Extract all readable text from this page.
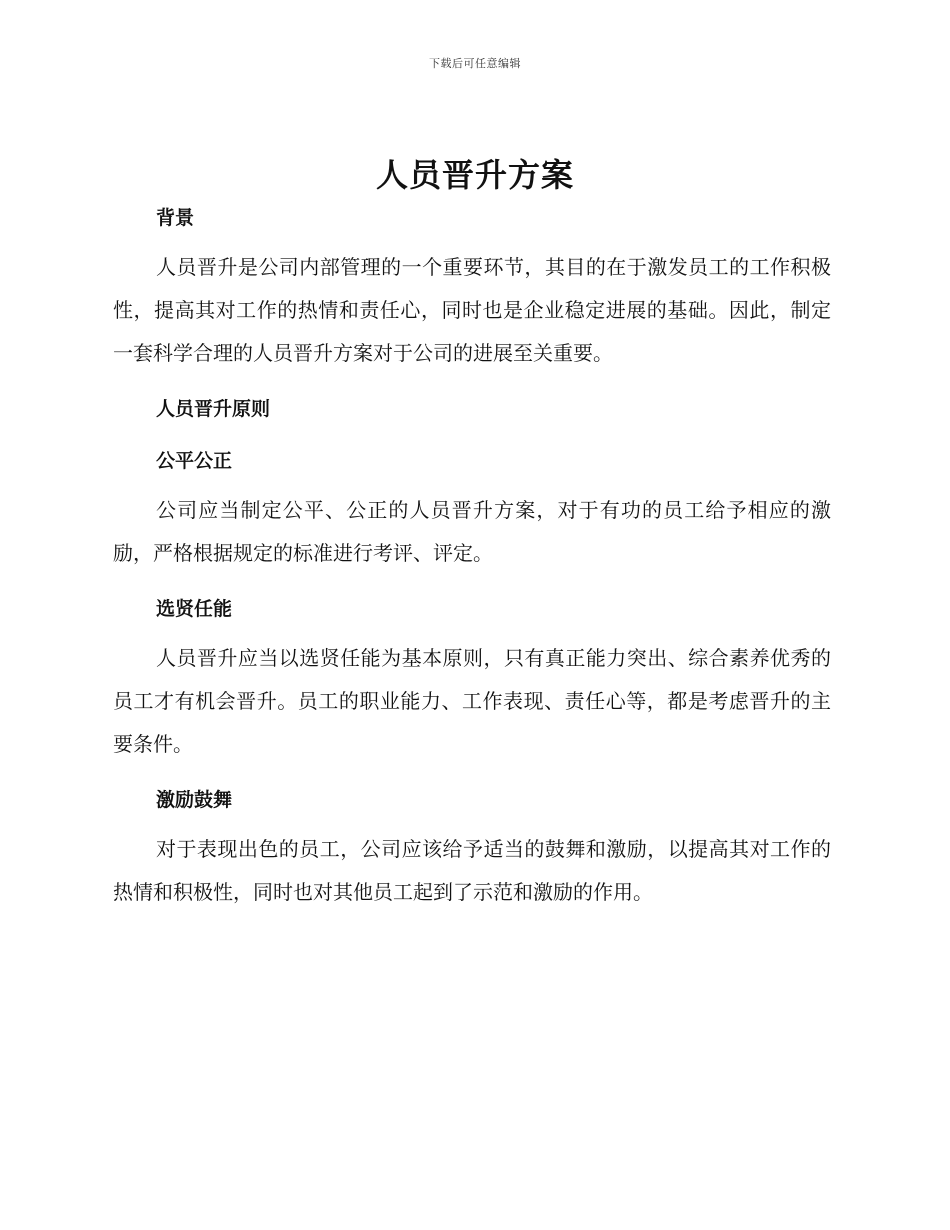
下载后可任意编辑
人员晋升方案
背景

人员晋升是公司内部管理的一个重要环节，其目的在于激发员工的工作积极性，提高其对工作的热情和责任心，同时也是企业稳定进展的基础。因此，制定一套科学合理的人员晋升方案对于公司的进展至关重要。

人员晋升原则
公平公正

公司应当制定公平、公正的人员晋升方案，对于有功的员工给予相应的激励，严格根据规定的标准进行考评、评定。

选贤任能

人员晋升应当以选贤任能为基本原则，只有真正能力突出、综合素养优秀的员工才有机会晋升。员工的职业能力、工作表现、责任心等，都是考虑晋升的主要条件。

激励鼓舞

对于表现出色的员工，公司应该给予适当的鼓舞和激励，以提高其对工作的热情和积极性，同时也对其他员工起到了示范和激励的作用。
